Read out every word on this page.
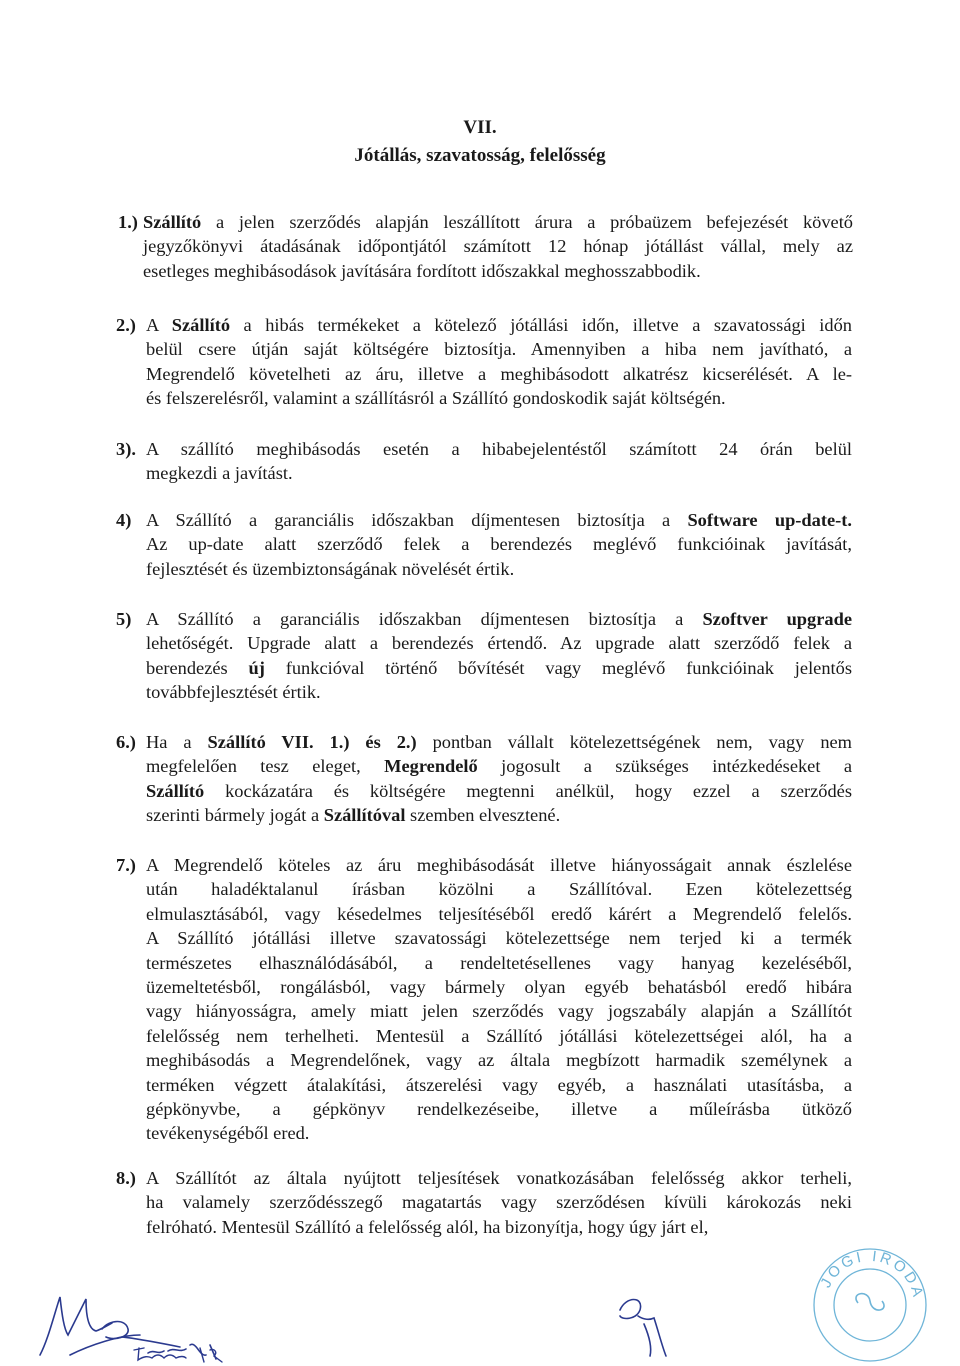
VII.
Jótállás, szavatosság, felelősség
1.) Szállító a jelen szerződés alapján leszállított árura a próbaüzem befejezését követő
jegyzőkönyvi átadásának időpontjától számított 12 hónap jótállást vállal, mely az
esetleges meghibásodások javítására fordított időszakkal meghosszabbodik.
2.) A Szállító a hibás termékeket a kötelező jótállási időn, illetve a szavatossági időn
belül csere útján saját költségére biztosítja. Amennyiben a hiba nem javítható, a
Megrendelő követelheti az áru, illetve a meghibásodott alkatrész kicserélését. A le-
és felszerelésről, valamint a szállításról a Szállító gondoskodik saját költségén.
3). A szállító meghibásodás esetén a hibabejelentéstől számított 24 órán belül
megkezdi a javítást.
4) A Szállító a garanciális időszakban díjmentesen biztosítja a Software up-date-t.
Az up-date alatt szerződő felek a berendezés meglévő funkcióinak javítását,
fejlesztését és üzembiztonságának növelését értik.
5) A Szállító a garanciális időszakban díjmentesen biztosítja a Szoftver upgrade
lehetőségét. Upgrade alatt a berendezés értendő. Az upgrade alatt szerződő felek a
berendezés új funkcióval történő bővítését vagy meglévő funkcióinak jelentős
továbbfejlesztését értik.
6.) Ha a Szállító VII. 1.) és 2.) pontban vállalt kötelezettségének nem, vagy nem
megfelelően tesz eleget, Megrendelő jogosult a szükséges intézkedéseket a
Szállító kockázatára és költségére megtenni anélkül, hogy ezzel a szerződés
szerinti bármely jogát a Szállítóval szemben elvesztené.
7.) A Megrendelő köteles az áru meghibásodását illetve hiányosságait annak észlelése
után haladéktalanul írásban közölni a Szállítóval. Ezen kötelezettség
elmulasztásából, vagy késedelmes teljesítéséből eredő kárért a Megrendelő felelős.
A Szállító jótállási illetve szavatossági kötelezettsége nem terjed ki a termék
természetes elhasználódásából, a rendeltetésellenes vagy hanyag kezeléséből,
üzemeltetésből, rongálásból, vagy bármely olyan egyéb behatásból eredő hibára
vagy hiányosságra, amely miatt jelen szerződés vagy jogszabály alapján a Szállítót
felelősség nem terhelheti. Mentesül a Szállító jótállási kötelezettségei alól, ha a
meghibásodás a Megrendelőnek, vagy az általa megbízott harmadik személynek a
terméken végzett átalakítási, átszerelési vagy egyéb, a használati utasításba, a
gépkönyvbe, a gépkönyv rendelkezéseibe, illetve a műleírásba ütköző
tevékenységéből ered.
8.) A Szállítót az általa nyújtott teljesítések vonatkozásában felelősség akkor terheli,
ha valamely szerződésszegő magatartás vagy szerződésen kívüli károkozás neki
felróható. Mentesül Szállító a felelősség alól, ha bizonyítja, hogy úgy járt el,
JOGI IRODA
